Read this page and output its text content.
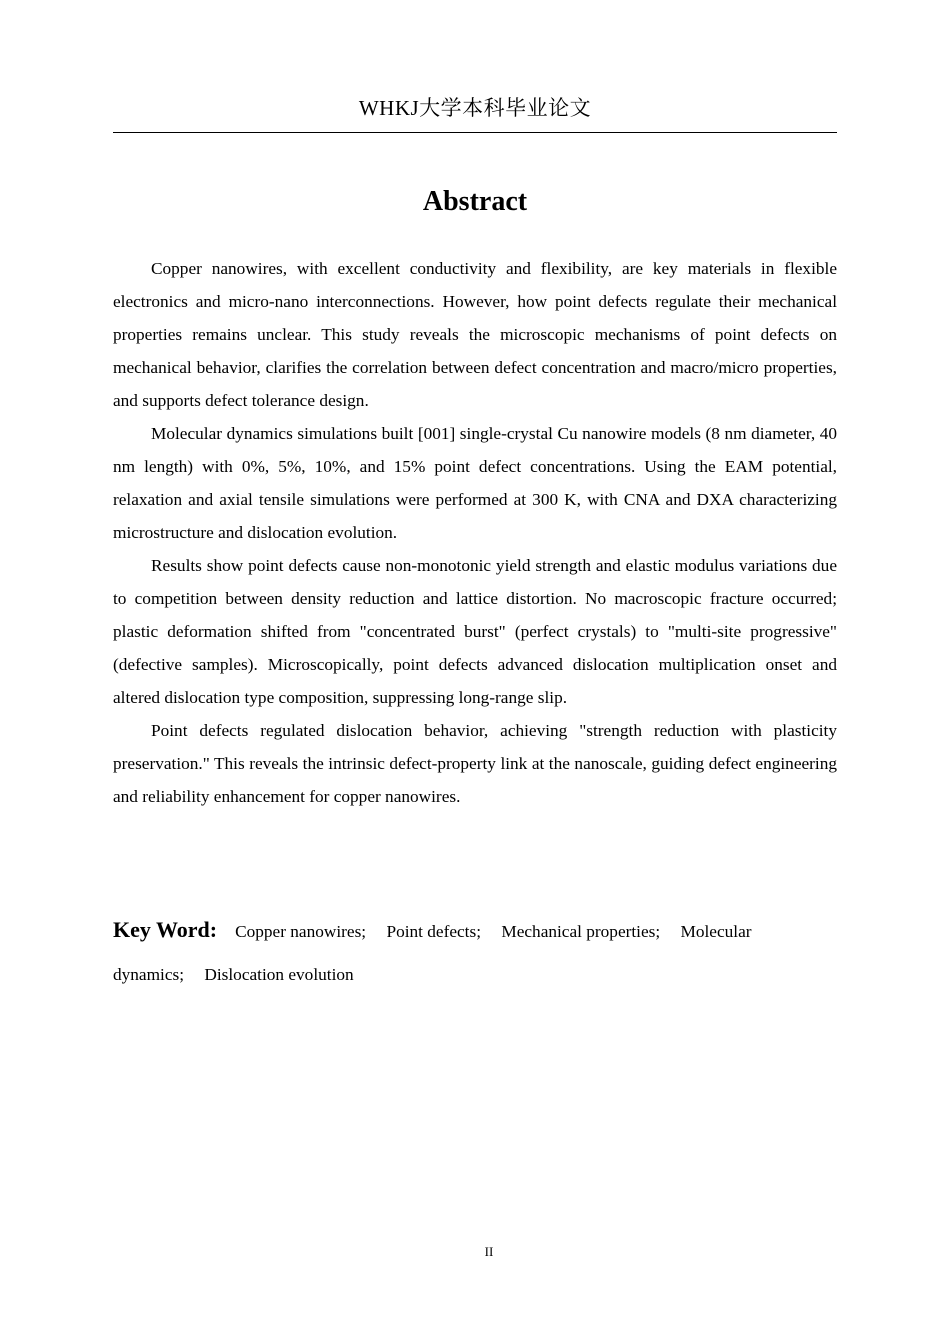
WHKJ大学本科毕业论文
Abstract

Copper nanowires, with excellent conductivity and flexibility, are key materials in flexible electronics and micro-nano interconnections. However, how point defects regulate their mechanical properties remains unclear. This study reveals the microscopic mechanisms of point defects on mechanical behavior, clarifies the correlation between defect concentration and macro/micro properties, and supports defect tolerance design.

Molecular dynamics simulations built [001] single-crystal Cu nanowire models (8 nm diameter, 40 nm length) with 0%, 5%, 10%, and 15% point defect concentrations. Using the EAM potential, relaxation and axial tensile simulations were performed at 300 K, with CNA and DXA characterizing microstructure and dislocation evolution.

Results show point defects cause non-monotonic yield strength and elastic modulus variations due to competition between density reduction and lattice distortion. No macroscopic fracture occurred; plastic deformation shifted from "concentrated burst" (perfect crystals) to "multi-site progressive" (defective samples). Microscopically, point defects advanced dislocation multiplication onset and altered dislocation type composition, suppressing long-range slip.

Point defects regulated dislocation behavior, achieving "strength reduction with plasticity preservation." This reveals the intrinsic defect-property link at the nanoscale, guiding defect engineering and reliability enhancement for copper nanowires.

Key Word: Copper nanowires; Point defects; Mechanical properties; Molecular dynamics; Dislocation evolution
II
